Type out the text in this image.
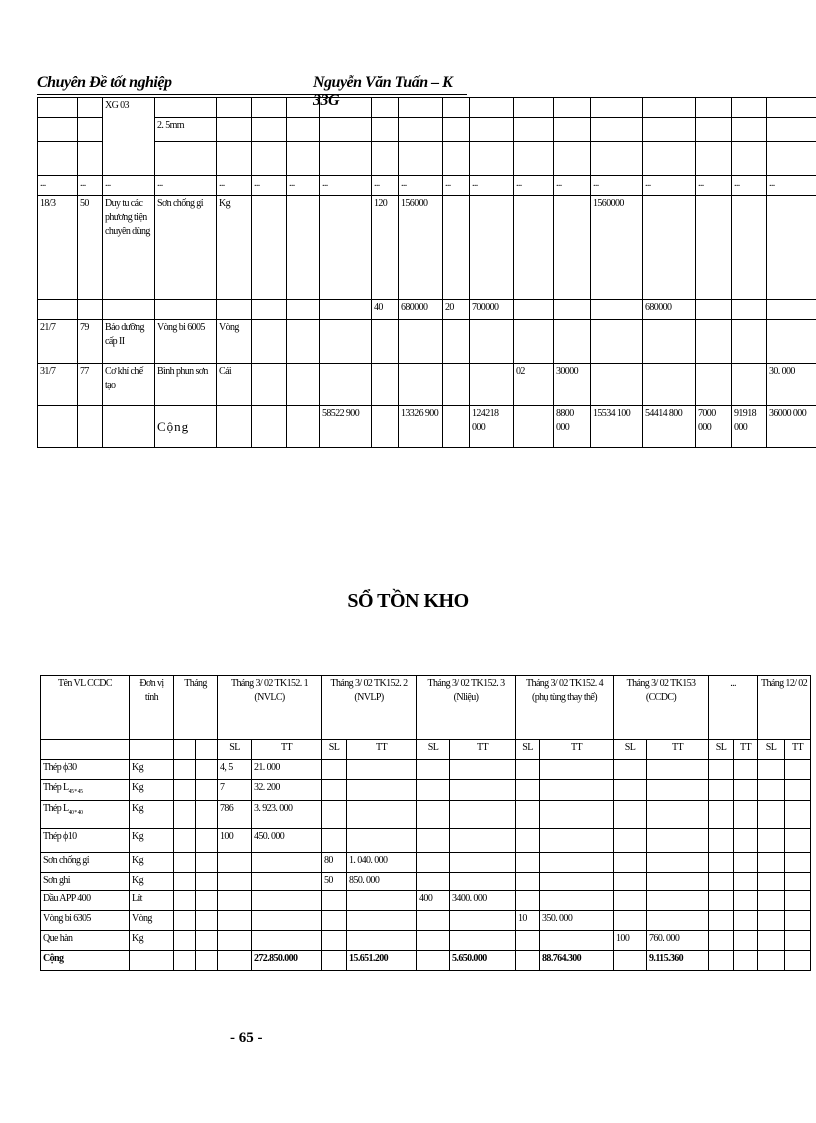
Chuyên Đề tốt nghiệp	Nguyễn Văn Tuấn – K 33G
		XG 03																
			2. 5mm															

...	...	...	...	...	...	...	...	...	...	...	...	...	...	...	...	...	...	...
18/3	50	Duy tu các phương tiện chuyên dùng	Sơn chống gỉ	Kg				120	156000					1560000				
								40	680000	20	700000				680000			
21/7	79	Bảo dưỡng cấp II	Vòng bi 6005	Vòng														
31/7	77	Cơ khí chế tạo	Bình phun sơn	Cái								02	30000					30. 000
			Cộng				58522 900		13326 900		124218 000		8800 000	15534 100	54414 800	7000 000	91918 000	36000 000
SỔ TỒN KHO
Tên VL CCDC	Đơn vị tính	Tháng		Tháng 3/ 02 TK152. 1 (NVLC)		Tháng 3/ 02 TK152. 2 (NVLP)		Tháng 3/ 02 TK152. 3 (Nliệu)		Tháng 3/ 02 TK152. 4 (phụ tùng thay thế)		Tháng 3/ 02 TK153 (CCDC)		...		Tháng 12/ 02	
				SL	TT	SL	TT	SL	TT	SL	TT	SL	TT	SL	TT	SL	TT
Thép ϕ30	Kg			4, 5	21. 000												
Thép $L_{45 * 45}$	Kg			7	32. 200												
Thép $L_{40 * 40}$	Kg			786	3. 923. 000												
Thép ϕ10	Kg			100	450. 000												
Sơn chống gỉ	Kg					80	1. 040. 000										
Sơn ghi	Kg					50	850. 000										
Dầu APP 400	Lít							400	3400. 000								
Vòng bi 6305	Vòng									10	350. 000						
Que hàn	Kg											100	760. 000				
Cộng					272.850.000		15.651.200		5.650.000		88.764.300		9.115.360				
- 65 -
